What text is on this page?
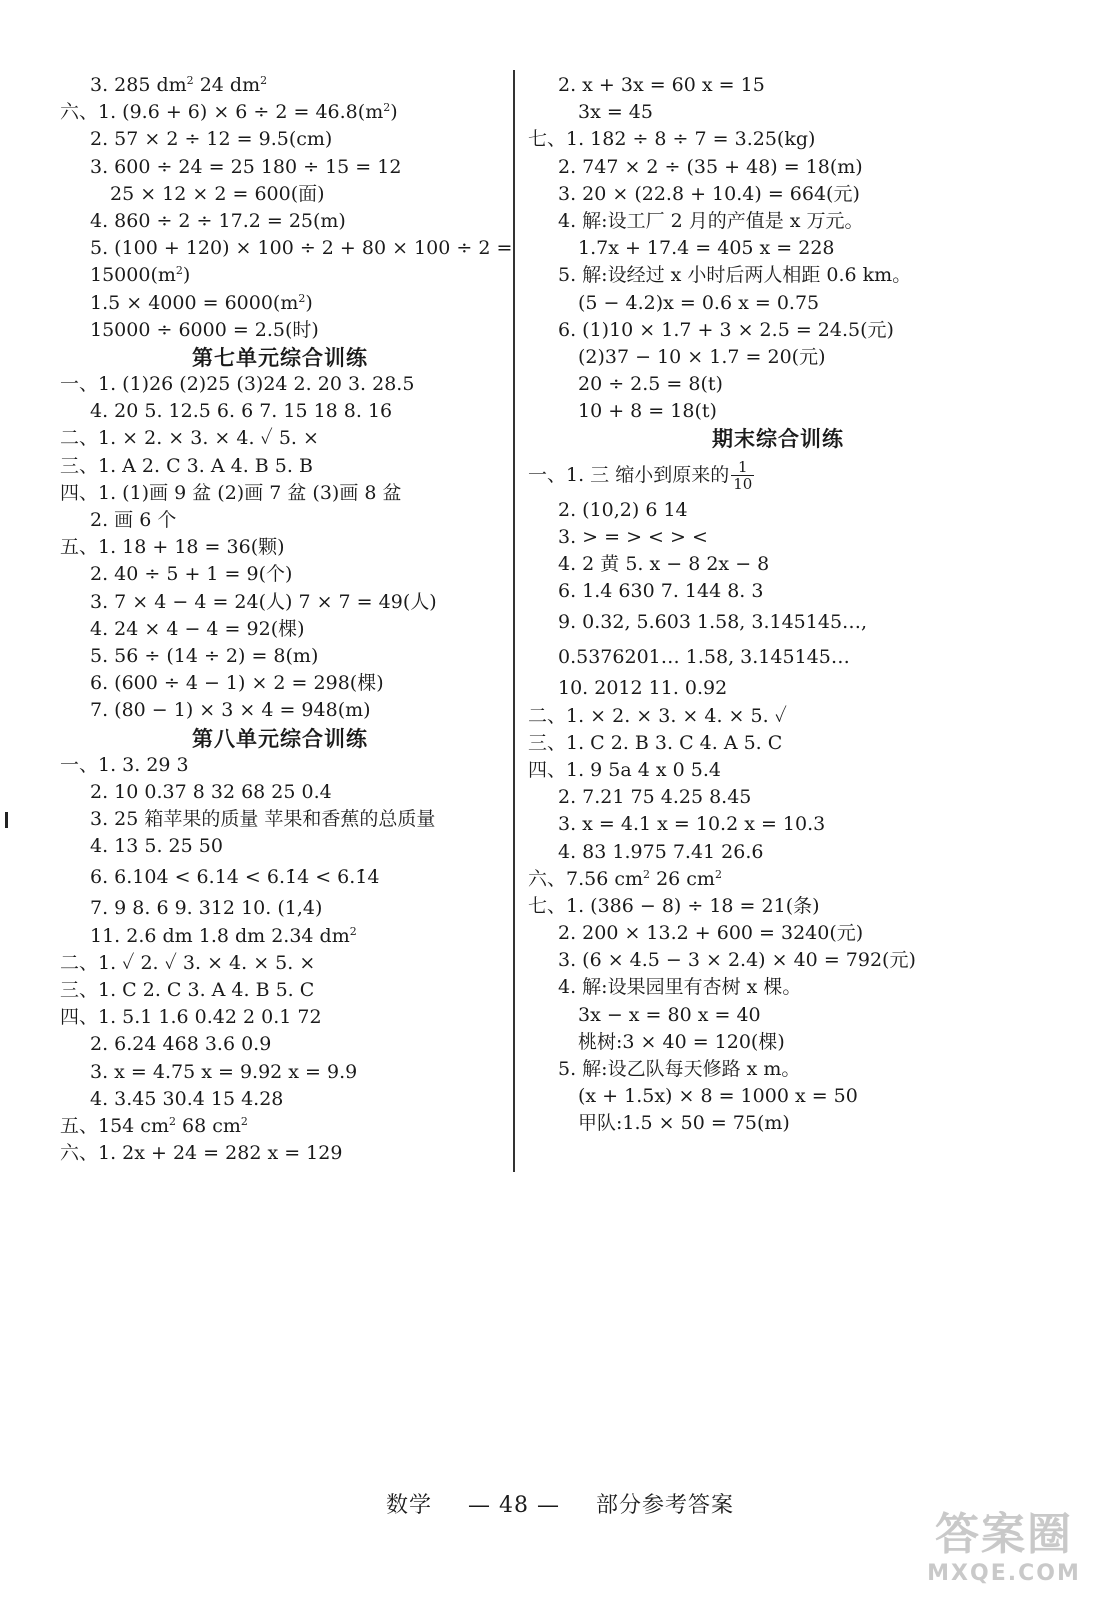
3. 285 $dm^2$ 24 $dm^2$
六、1. $(9.6 + 6) \times 6 \div 2 = 46.8(m^2)$
2. 57 × 2 ÷ 12 = 9.5(cm)
3. 600 ÷ 24 = 25 180 ÷ 15 = 12
25 × 12 × 2 = 600(面)
4. 860 ÷ 2 ÷ 17.2 = 25(m)
5. (100 + 120) × 100 ÷ 2 + 80 × 100 ÷ 2 =
$15000(m^2)$
$1.5 \times 4000 = 6000(m^2)$
15000 ÷ 6000 = 2.5(时)
第七单元综合训练
一、1. (1)26 (2)25 (3)24 2. 20 3. 28.5
4. 20 5. 12.5 6. 6 7. 15 18 8. 16
二、1. × 2. × 3. × 4. ✓ 5. ×
三、1. A 2. C 3. A 4. B 5. B
四、1. (1)画 9 盆 (2)画 7 盆 (3)画 8 盆
2. 画 6 个
五、1. 18 + 18 = 36(颗)
2. 40 ÷ 5 + 1 = 9(个)
3. 7 × 4 − 4 = 24(人) 7 × 7 = 49(人)
4. 24 × 4 − 4 = 92(棵)
5. 56 ÷ (14 ÷ 2) = 8(m)
6. (600 ÷ 4 − 1) × 2 = 298(棵)
7. (80 − 1) × 3 × 4 = 948(m)
第八单元综合训练
一、1. 3. 29 3
2. 10 0.37 8 32 68 25 0.4
3. 25 箱苹果的质量 苹果和香蕉的总质量
4. 13 5. 25 50
6. 6.104 < 6.14 < 6.1̇4 < 6.1̇4̇
7. 9 8. 6 9. 312 10. (1,4)
11. 2.6 dm 1.8 dm 2.34 $dm^2$
二、1. ✓ 2. ✓ 3. × 4. × 5. ×
三、1. C 2. C 3. A 4. B 5. C
四、1. 5.1 1.6 0.42 2 0.1 72
2. 6.24 468 3.6 0.9
3. x = 4.75 x = 9.92 x = 9.9
4. 3.45 30.4 15 4.28
五、154 $cm^2$ 68 $cm^2$
六、1. 2x + 24 = 282 x = 129
2. x + 3x = 60 x = 15
3x = 45
七、1. 182 ÷ 8 ÷ 7 = 3.25(kg)
2. 747 × 2 ÷ (35 + 48) = 18(m)
3. 20 × (22.8 + 10.4) = 664(元)
4. 解:设工厂 2 月的产值是 x 万元。
1.7x + 17.4 = 405 x = 228
5. 解:设经过 x 小时后两人相距 0.6 km。
(5 − 4.2)x = 0.6 x = 0.75
6. (1)10 × 1.7 + 3 × 2.5 = 24.5(元)
(2)37 − 10 × 1.7 = 20(元)
20 ÷ 2.5 = 8(t)
10 + 8 = 18(t)
期末综合训练
一、1. 三 缩小到原来的 $\frac{1}{10}$
2. (10,2) 6 14
3. > = > < > <
4. 2 黄 5. x − 8 2x − 8
6. 1.4 630 7. 144 8. 3
9. 0.32, 5.603 1.58, 3.145145…,
0.5376201… 1.58, 3.145145…
10. 2012 11. 0.92
二、1. × 2. × 3. × 4. × 5. ✓
三、1. C 2. B 3. C 4. A 5. C
四、1. 9 5a 4 x 0 5.4
2. 7.21 75 4.25 8.45
3. x = 4.1 x = 10.2 x = 10.3
4. 83 1.975 7.41 26.6
六、7.56 $cm^2$ 26 $cm^2$
七、1. (386 − 8) ÷ 18 = 21(条)
2. 200 × 13.2 + 600 = 3240(元)
3. (6 × 4.5 − 3 × 2.4) × 40 = 792(元)
4. 解:设果园里有杏树 x 棵。
3x − x = 80 x = 40
桃树:3 × 40 = 120(棵)
5. 解:设乙队每天修路 x m。
(x + 1.5x) × 8 = 1000 x = 50
甲队:1.5 × 50 = 75(m)
数学 — 48 — 部分参考答案
答案圈
MXQE.COM
